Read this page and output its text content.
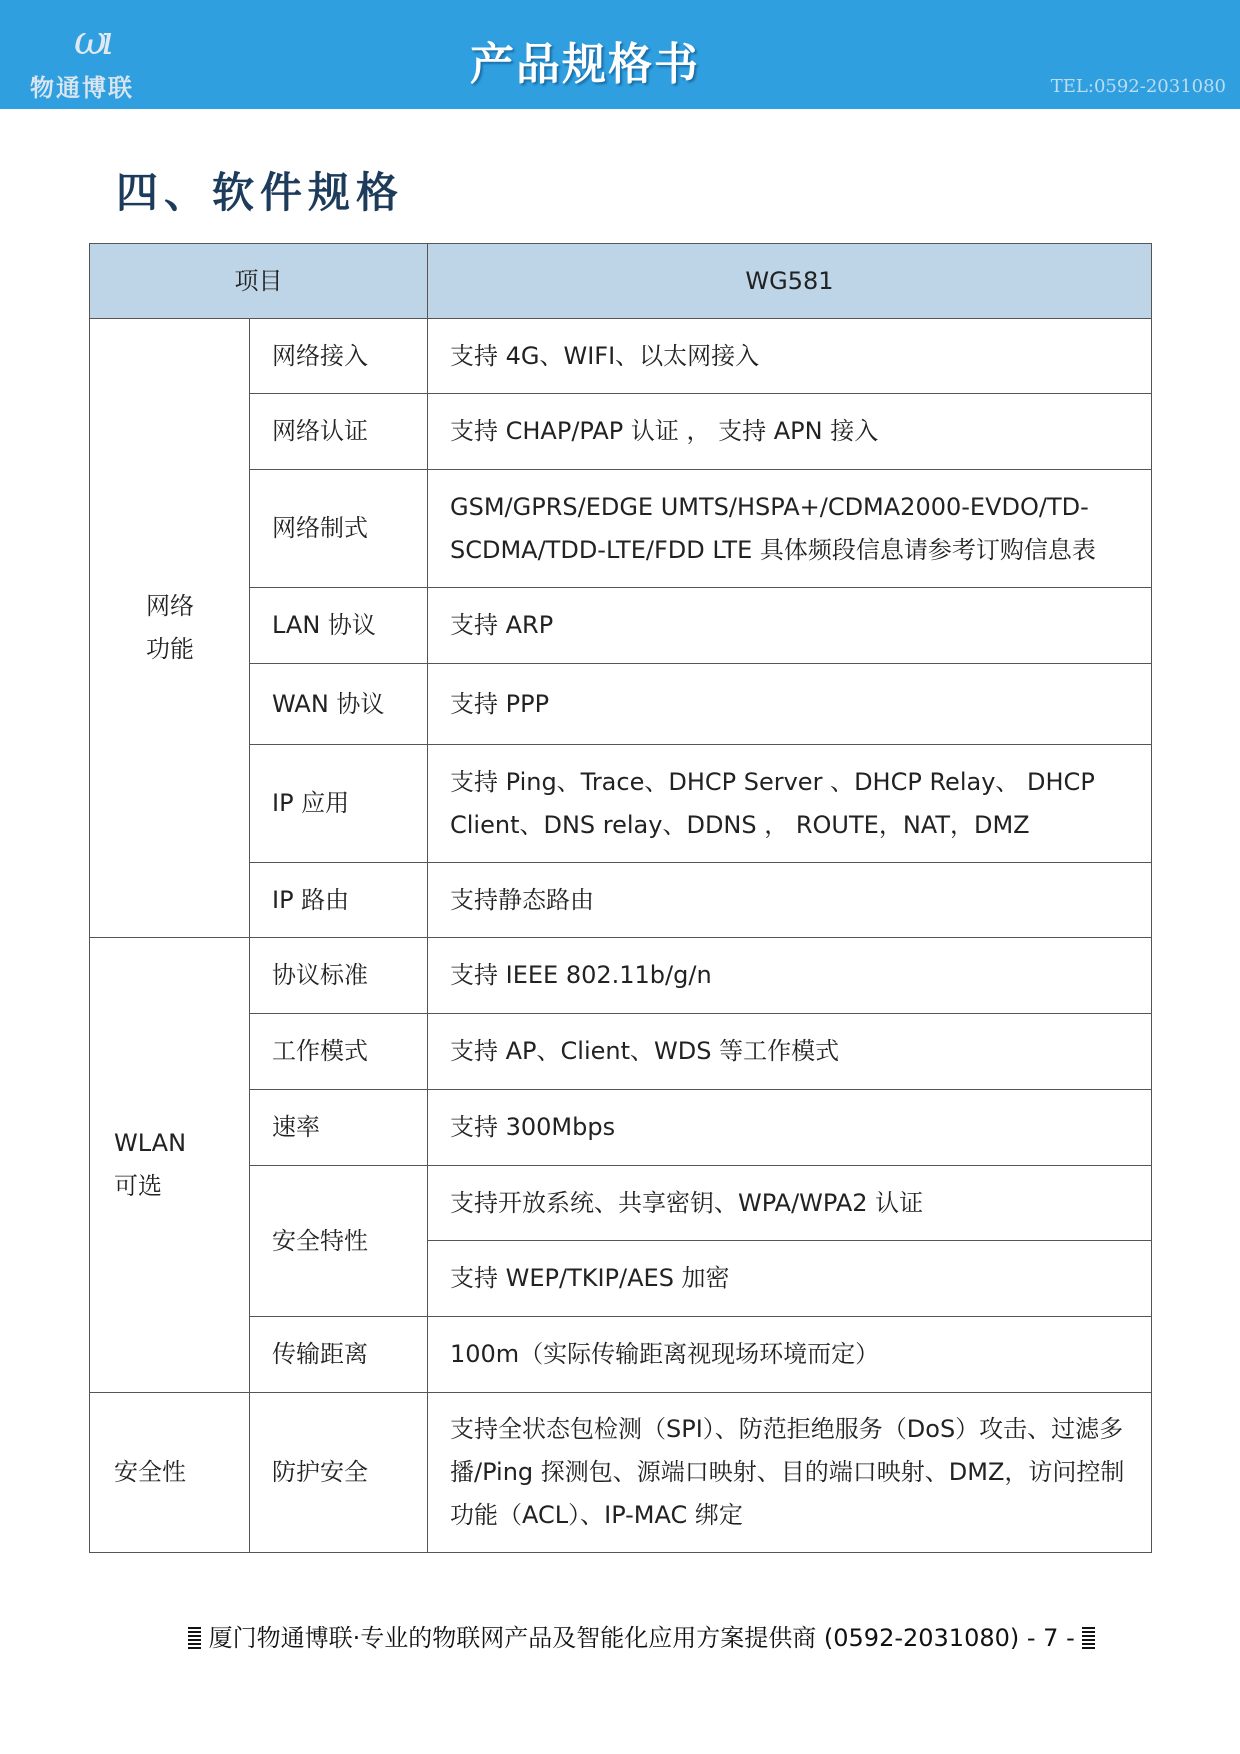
ωı
物通博联	产品规格书	TEL:0592-2031080
四、软件规格
项目		WG581
网络功能	网络接入	支持 4G、WIFI、以太网接入
	网络认证	支持 CHAP/PAP 认证 ， 支持 APN 接入
	网络制式	GSM/GPRS/EDGE UMTS/HSPA+/CDMA2000-EVDO/TD-SCDMA/TDD-LTE/FDD LTE 具体频段信息请参考订购信息表
	LAN 协议	支持 ARP
	WAN 协议	支持 PPP
	IP 应用	支持 Ping、Trace、DHCP Server 、DHCP Relay、 DHCP Client、DNS relay、DDNS ， ROUTE，NAT，DMZ
	IP 路由	支持静态路由
WLAN 可选	协议标准	支持 IEEE 802.11b/g/n
	工作模式	支持 AP、Client、WDS 等工作模式
	速率	支持 300Mbps
	安全特性	支持开放系统、共享密钥、WPA/WPA2 认证
		支持 WEP/TKIP/AES 加密
	传输距离	100m（实际传输距离视现场环境而定）
安全性	防护安全	支持全状态包检测（SPI）、防范拒绝服务（DoS）攻击、过滤多播/Ping 探测包、源端口映射、目的端口映射、DMZ，访问控制功能（ACL）、IP-MAC 绑定
厦门物通博联·专业的物联网产品及智能化应用方案提供商 (0592-2031080) - 7 -
